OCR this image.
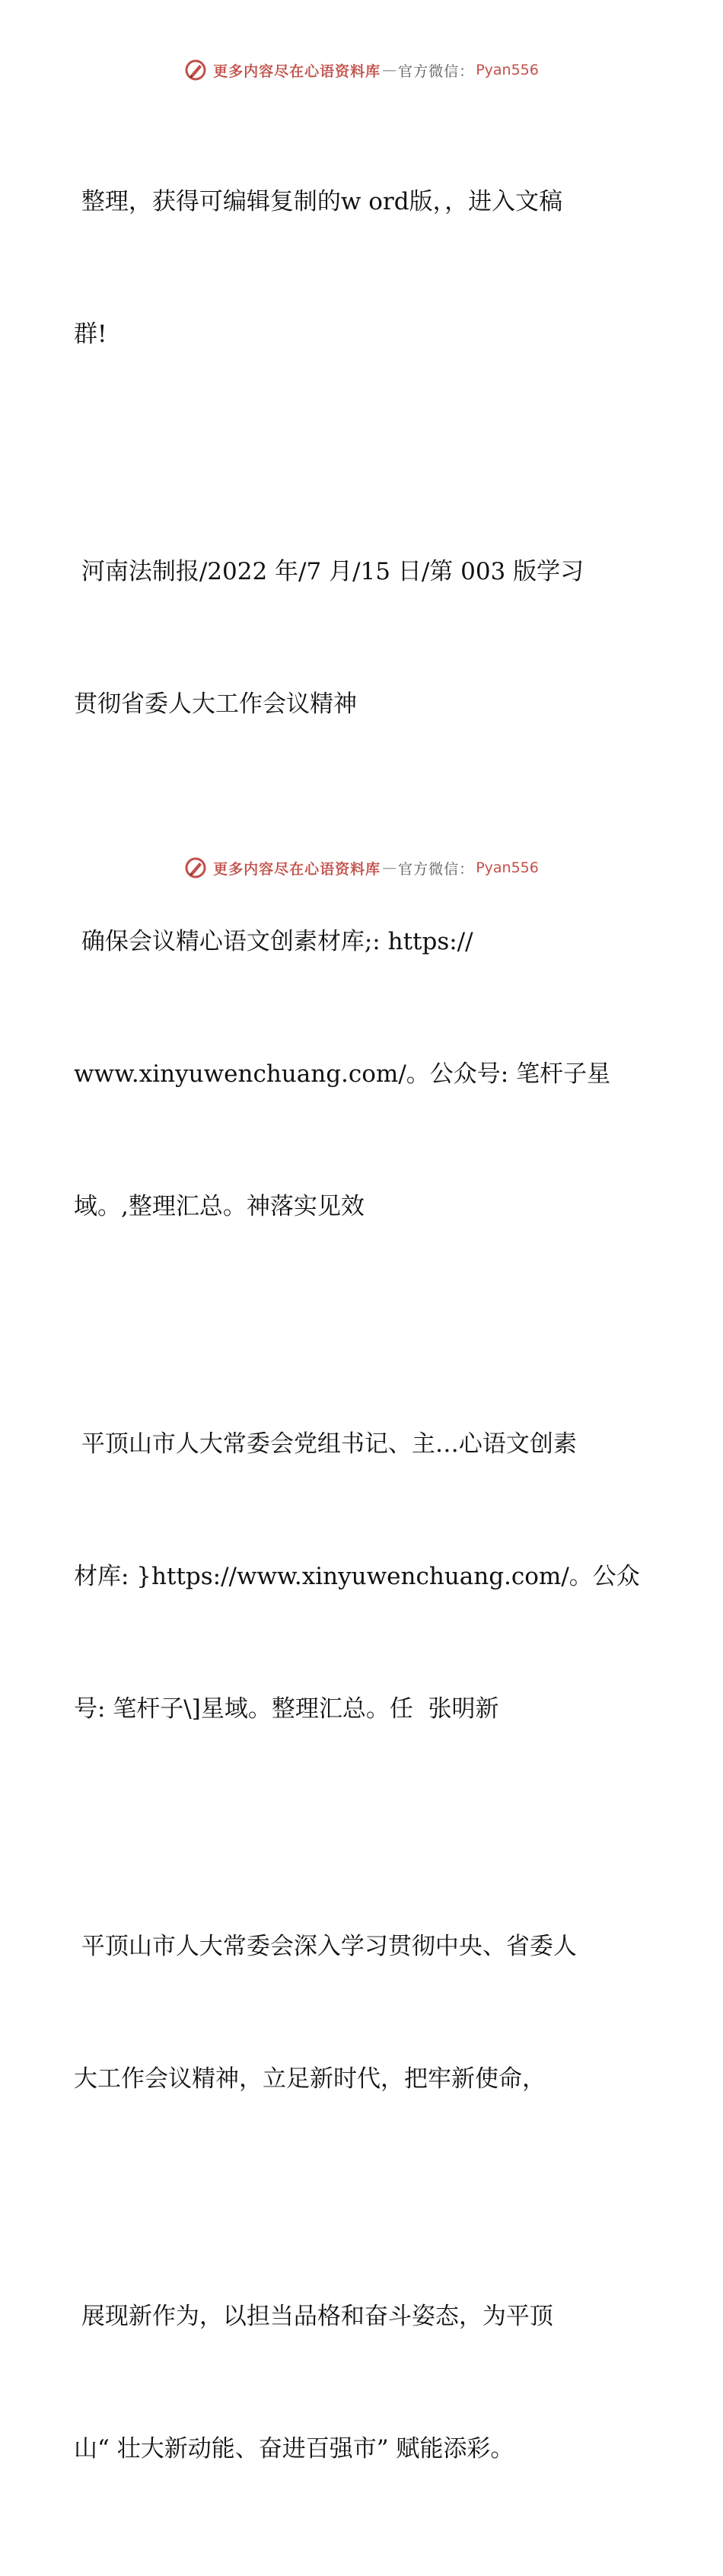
更多内容尽在心语资料库 — 官方微信： Pyan556

整理，获得可编辑复制的w ord版，，进入文稿

群!

河南法制报/2022 年/7 月/15 日/第 003 版学习

贯彻省委人大工作会议精神

确保会议精心语文创素材库;: https://

www.xinyuwenchuang.com/。公众号: 笔杆子星

域。,整理汇总。神落实见效

平顶山市人大常委会党组书记、主…心语文创素

材库: }https://www.xinyuwenchuang.com/。公众

号: 笔杆子\]星域。整理汇总。任  张明新

平顶山市人大常委会深入学习贯彻中央、省委人

大工作会议精神，立足新时代，把牢新使命，

展现新作为，以担当品格和奋斗姿态，为平顶

山“ 壮大新动能、奋进百强市” 赋能添彩。

更多内容尽在心语资料库 — 官方微信： Pyan556
